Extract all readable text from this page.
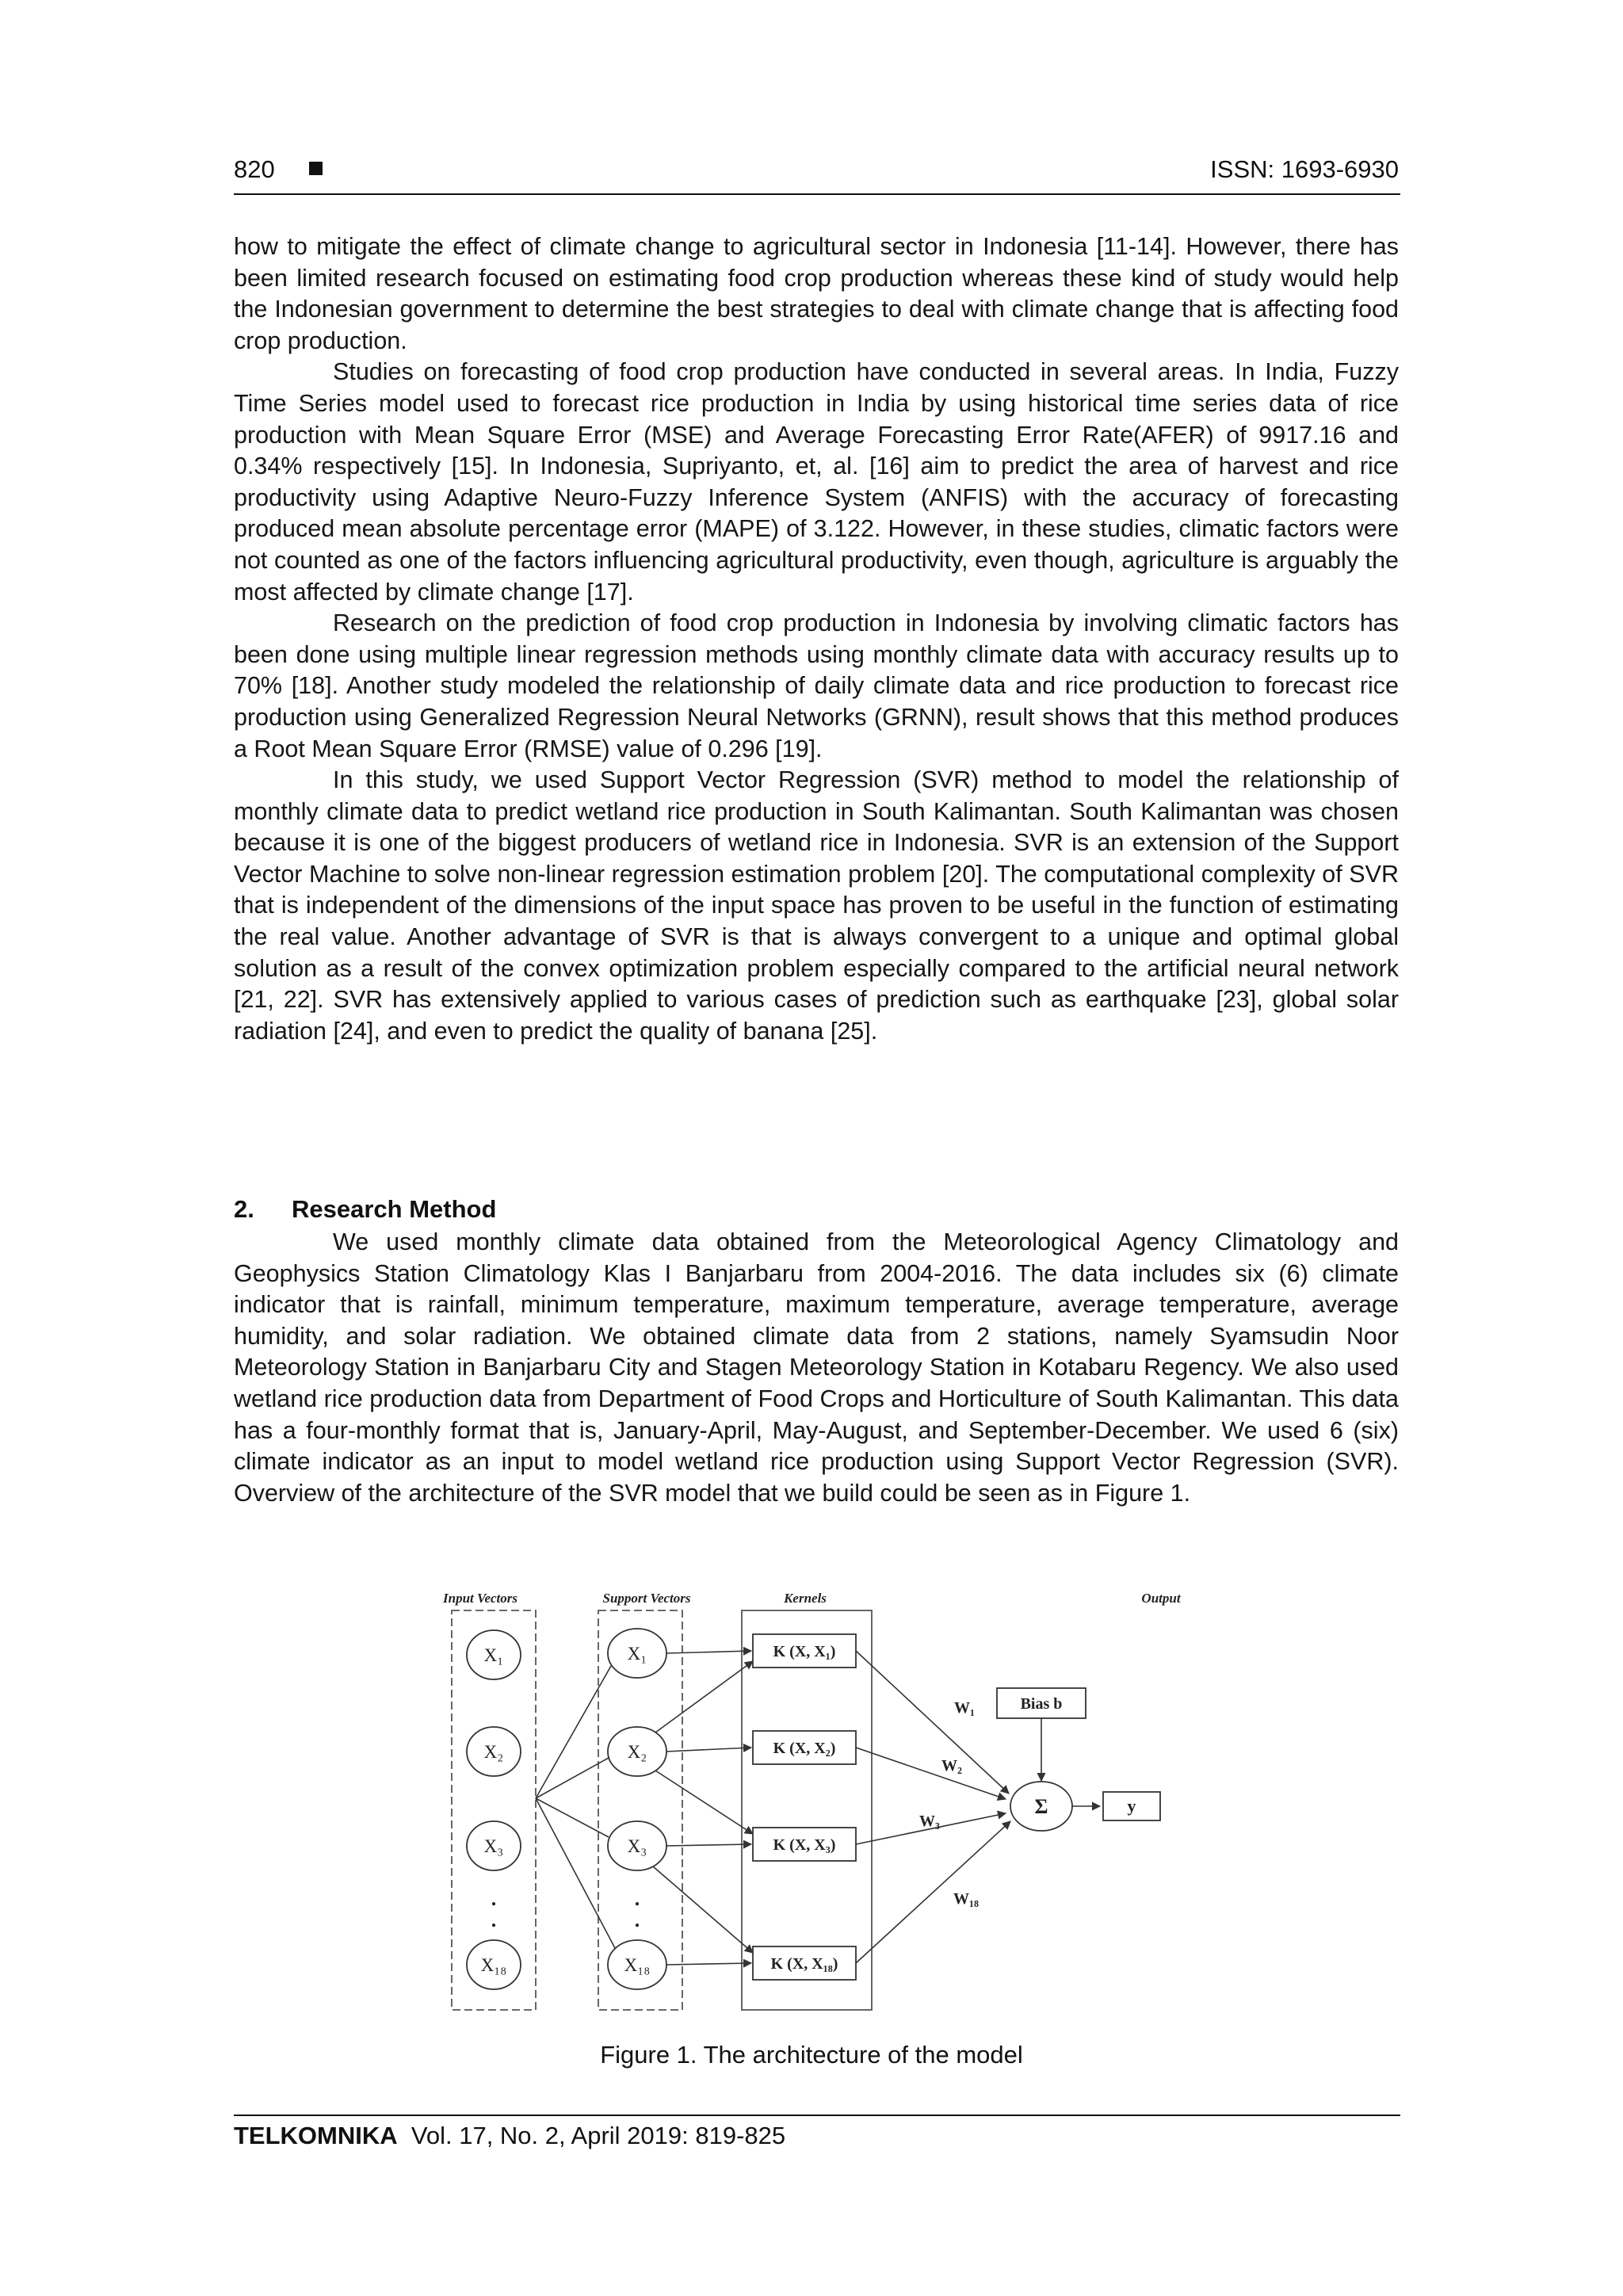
820	ISSN: 1693-6930

how to mitigate the effect of climate change to agricultural sector in Indonesia [11-14]. However, there has been limited research focused on estimating food crop production whereas these kind of study would help the Indonesian government to determine the best strategies to deal with climate change that is affecting food crop production.

Studies on forecasting of food crop production have conducted in several areas. In India, Fuzzy Time Series model used to forecast rice production in India by using historical time series data of rice production with Mean Square Error (MSE) and Average Forecasting Error Rate(AFER) of 9917.16 and 0.34% respectively [15]. In Indonesia, Supriyanto, et, al. [16] aim to predict the area of harvest and rice productivity using Adaptive Neuro-Fuzzy Inference System (ANFIS) with the accuracy of forecasting produced mean absolute percentage error (MAPE) of 3.122. However, in these studies, climatic factors were not counted as one of the factors influencing agricultural productivity, even though, agriculture is arguably the most affected by climate change [17].

Research on the prediction of food crop production in Indonesia by involving climatic factors has been done using multiple linear regression methods using monthly climate data with accuracy results up to 70% [18]. Another study modeled the relationship of daily climate data and rice production to forecast rice production using Generalized Regression Neural Networks (GRNN), result shows that this method produces a Root Mean Square Error (RMSE) value of 0.296 [19].

In this study, we used Support Vector Regression (SVR) method to model the relationship of monthly climate data to predict wetland rice production in South Kalimantan. South Kalimantan was chosen because it is one of the biggest producers of wetland rice in Indonesia. SVR is an extension of the Support Vector Machine to solve non-linear regression estimation problem [20]. The computational complexity of SVR that is independent of the dimensions of the input space has proven to be useful in the function of estimating the real value. Another advantage of SVR is that is always convergent to a unique and optimal global solution as a result of the convex optimization problem especially compared to the artificial neural network [21, 22]. SVR has extensively applied to various cases of prediction such as earthquake [23], global solar radiation [24], and even to predict the quality of banana [25].

2. Research Method

We used monthly climate data obtained from the Meteorological Agency Climatology and Geophysics Station Climatology Klas I Banjarbaru from 2004-2016. The data includes six (6) climate indicator that is rainfall, minimum temperature, maximum temperature, average temperature, average humidity, and solar radiation. We obtained climate data from 2 stations, namely Syamsudin Noor Meteorology Station in Banjarbaru City and Stagen Meteorology Station in Kotabaru Regency. We also used wetland rice production data from Department of Food Crops and Horticulture of South Kalimantan. This data has a four-monthly format that is, January-April, May-August, and September-December. We used 6 (six) climate indicator as an input to model wetland rice production using Support Vector Regression (SVR). Overview of the architecture of the SVR model that we build could be seen as in Figure 1.

Input Vectors	Support Vectors	Kernels	Output
X₁
X₂
X₃
X₁₈
.
.
X₁
X₂
X₃
X₁₈
.
.
K (X, X₁)
K (X, X₂)
K (X, X₃)
K (X, X₁₈)
W₁
W₂
W₃
W₁₈
Bias b
Σ	y
Figure 1. The architecture of the model
TELKOMNIKA Vol. 17, No. 2, April 2019: 819-825
